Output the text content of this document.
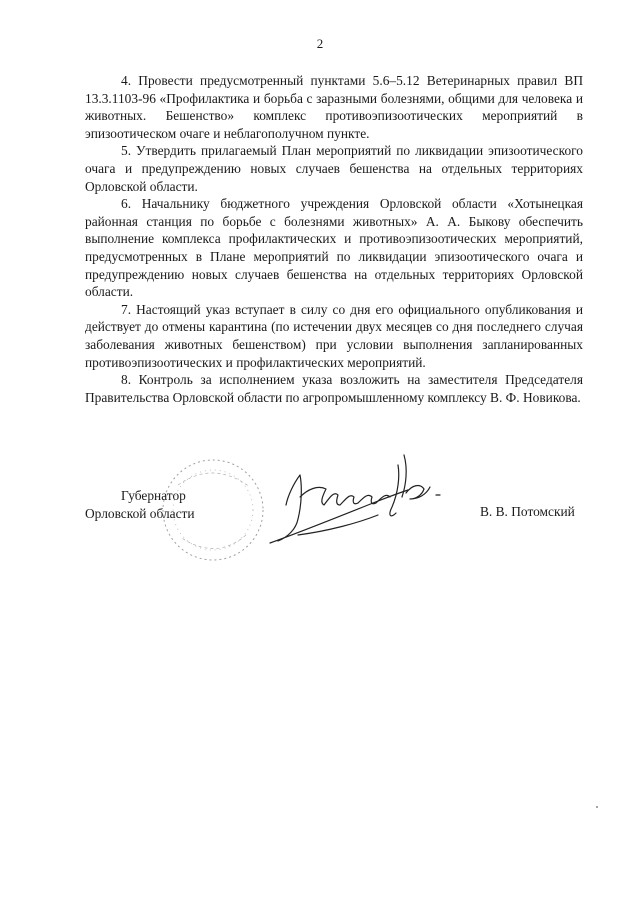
2

4. Провести предусмотренный пунктами 5.6–5.12 Ветеринарных правил ВП 13.3.1103-96 «Профилактика и борьба с заразными болезнями, общими для человека и животных. Бешенство» комплекс противоэпизоотических мероприятий в эпизоотическом очаге и неблагополучном пункте.

5. Утвердить прилагаемый План мероприятий по ликвидации эпизоотического очага и предупреждению новых случаев бешенства на отдельных территориях Орловской области.

6. Начальнику бюджетного учреждения Орловской области «Хотынецкая районная станция по борьбе с болезнями животных» А. А. Быкову обеспечить выполнение комплекса профилактических и противоэпизоотических мероприятий, предусмотренных в Плане мероприятий по ликвидации эпизоотического очага и предупреждению новых случаев бешенства на отдельных территориях Орловской области.

7. Настоящий указ вступает в силу со дня его официального опубликования и действует до отмены карантина (по истечении двух месяцев со дня последнего случая заболевания животных бешенством) при условии выполнения запланированных противоэпизоотических и профилактических мероприятий.

8. Контроль за исполнением указа возложить на заместителя Председателя Правительства Орловской области по агропромышленному комплексу В. Ф. Новикова.

Губернатор
Орловской области	В. В. Потомский
